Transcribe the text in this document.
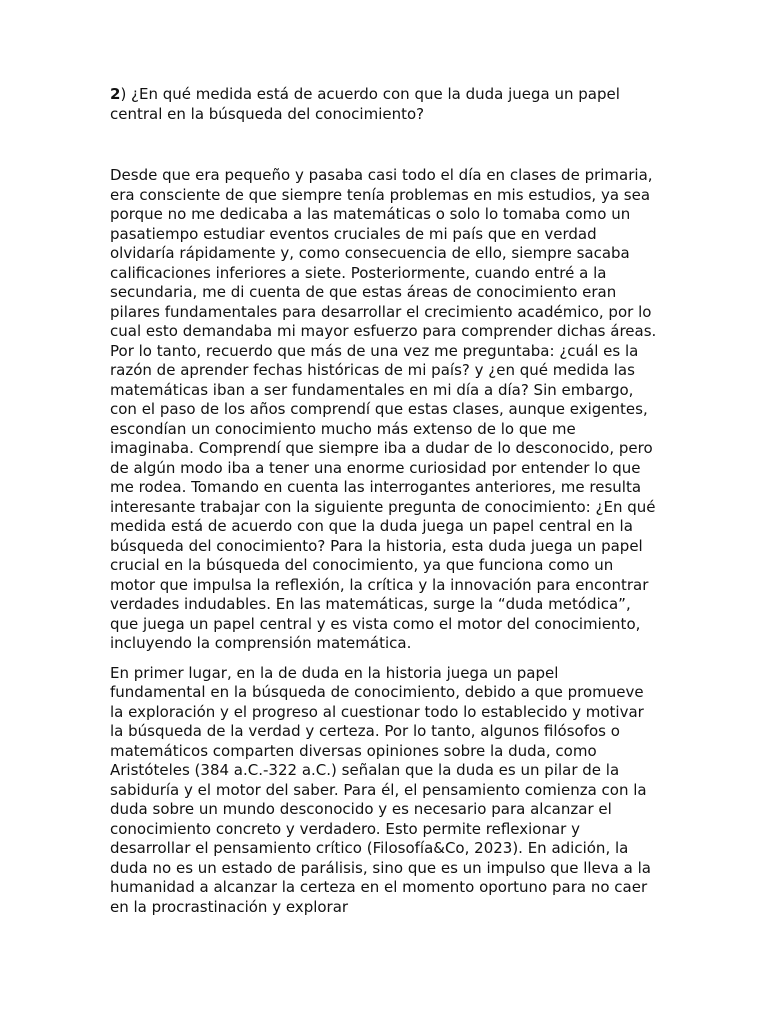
2) ¿En qué medida está de acuerdo con que la duda juega un papel central en la búsqueda del conocimiento?

Desde que era pequeño y pasaba casi todo el día en clases de primaria, era consciente de que siempre tenía problemas en mis estudios, ya sea porque no me dedicaba a las matemáticas o solo lo tomaba como un pasatiempo estudiar eventos cruciales de mi país que en verdad olvidaría rápidamente y, como consecuencia de ello, siempre sacaba calificaciones inferiores a siete. Posteriormente, cuando entré a la secundaria, me di cuenta de que estas áreas de conocimiento eran pilares fundamentales para desarrollar el crecimiento académico, por lo cual esto demandaba mi mayor esfuerzo para comprender dichas áreas. Por lo tanto, recuerdo que más de una vez me preguntaba: ¿cuál es la razón de aprender fechas históricas de mi país? y ¿en qué medida las matemáticas iban a ser fundamentales en mi día a día? Sin embargo, con el paso de los años comprendí que estas clases, aunque exigentes, escondían un conocimiento mucho más extenso de lo que me imaginaba. Comprendí que siempre iba a dudar de lo desconocido, pero de algún modo iba a tener una enorme curiosidad por entender lo que me rodea. Tomando en cuenta las interrogantes anteriores, me resulta interesante trabajar con la siguiente pregunta de conocimiento: ¿En qué medida está de acuerdo con que la duda juega un papel central en la búsqueda del conocimiento? Para la historia, esta duda juega un papel crucial en la búsqueda del conocimiento, ya que funciona como un motor que impulsa la reflexión, la crítica y la innovación para encontrar verdades indudables. En las matemáticas, surge la “duda metódica”, que juega un papel central y es vista como el motor del conocimiento, incluyendo la comprensión matemática.

En primer lugar, en la de duda en la historia juega un papel fundamental en la búsqueda de conocimiento, debido a que promueve la exploración y el progreso al cuestionar todo lo establecido y motivar la búsqueda de la verdad y certeza. Por lo tanto, algunos filósofos o matemáticos comparten diversas opiniones sobre la duda, como Aristóteles (384 a.C.-322 a.C.) señalan que la duda es un pilar de la sabiduría y el motor del saber. Para él, el pensamiento comienza con la duda sobre un mundo desconocido y es necesario para alcanzar el conocimiento concreto y verdadero. Esto permite reflexionar y desarrollar el pensamiento crítico (Filosofía&Co, 2023). En adición, la duda no es un estado de parálisis, sino que es un impulso que lleva a la humanidad a alcanzar la certeza en el momento oportuno para no caer en la procrastinación y explorar
